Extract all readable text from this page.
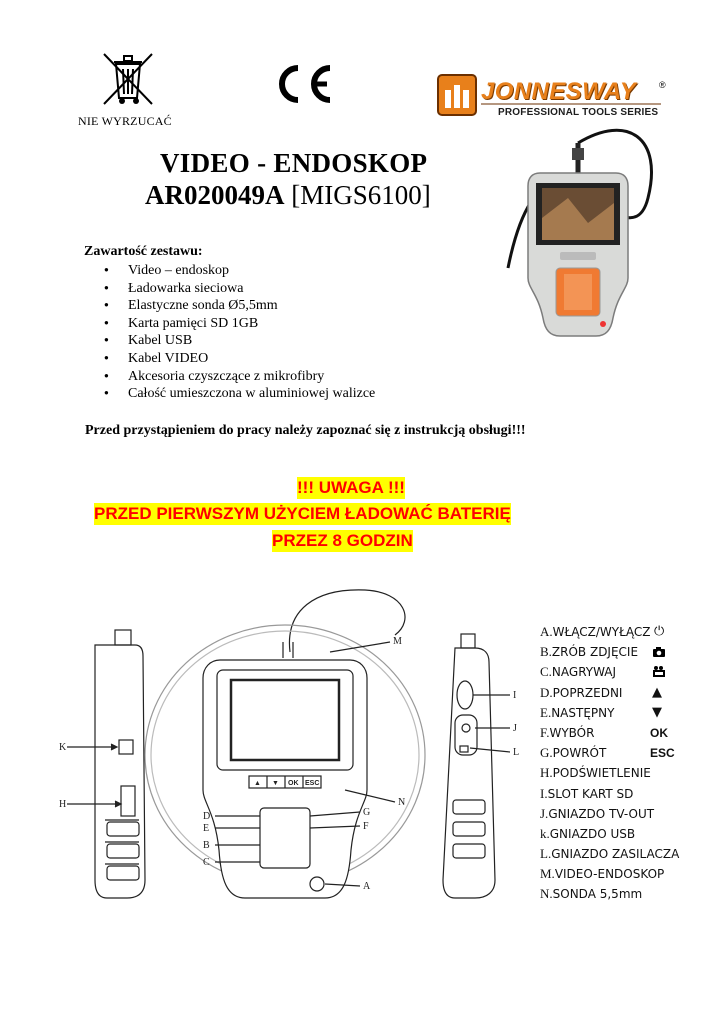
NIE WYRZUCAĆ
JONNESWAY	®
PROFESSIONAL TOOLS SERIES
VIDEO - ENDOSKOP
AR020049A [MIGS6100]
Zawartość zestawu:
● Video – endoskop
● Ładowarka sieciowa
● Elastyczne sonda Ø5,5mm
● Karta pamięci SD 1GB
● Kabel USB
● Kabel VIDEO
● Akcesoria czyszczące z mikrofibry
● Całość umieszczona w aluminiowej walizce
Przed przystąpieniem do pracy należy zapoznać się z instrukcją obsługi!!!
!!! UWAGA !!!
PRZED PIERWSZYM UŻYCIEM ŁADOWAĆ BATERIĘ
PRZEZ 8 GODZIN
▲ ▼ OK ESC
M
N
D
E
B
C
G
F
A
I
J
L
K
H
A.WŁĄCZ/WYŁĄCZ ⏻
B.ZRÓB ZDJĘCIE
C.NAGRYWAJ
D.POPRZEDNI ▲
E.NASTĘPNY	▼
F.WYBÓR	OK
G.POWRÓT	ESC
H.PODŚWIETLENIE
I.SLOT KART SD
J.GNIAZDO TV-OUT
k.GNIAZDO USB
L.GNIAZDO ZASILACZA
M.VIDEO-ENDOSKOP
N.SONDA 5,5mm
